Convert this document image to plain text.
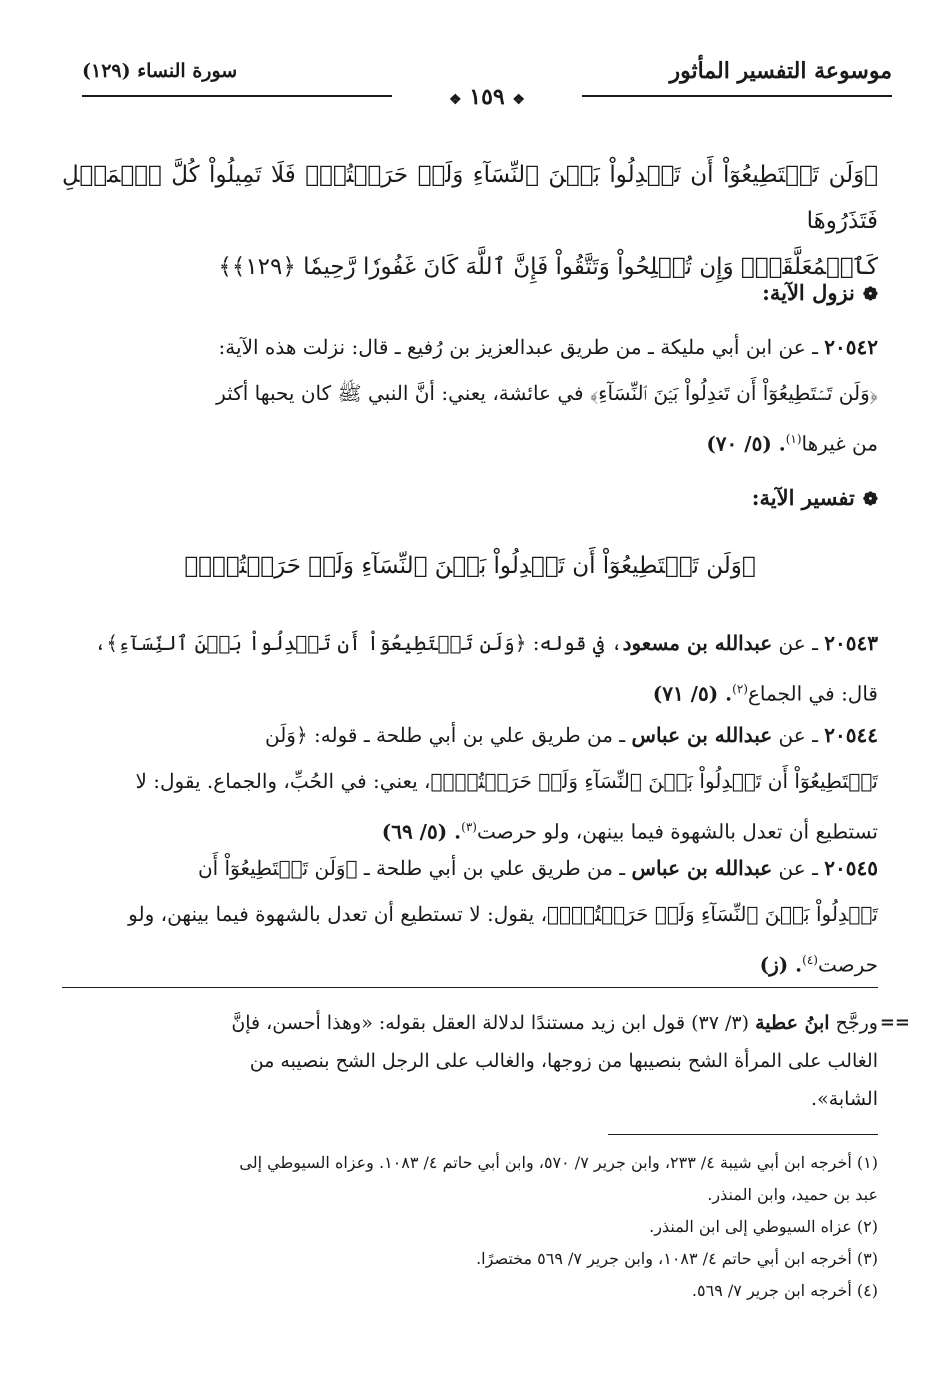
موسوعة التفسير المأثور
سورة النساء (١٢٩)
❖ ١٥٩ ❖
﴿وَلَن تَسۡتَطِيعُوٓاْ أَن تَعۡدِلُواْ بَيۡنَ ٱلنِّسَآءِ وَلَوۡ حَرَصۡتُمۡۖ فَلَا تَمِيلُواْ كُلَّ ٱلۡمَيۡلِ فَتَذَرُوهَا
كَٱلۡمُعَلَّقَةِۚ وَإِن تُصۡلِحُواْ وَتَتَّقُواْ فَإِنَّ ٱللَّهَ كَانَ غَفُورٗا رَّحِيمٗا ﴿١٢٩﴾﴾
❁نزول الآية:
٢٠٥٤٢ ـ عن ابن أبي مليكة ـ من طريق عبدالعزيز بن رُفيع ـ قال: نزلت هذه الآية:
﴿وَلَن تَسۡتَطِيعُوٓاْ أَن تَعۡدِلُواْ بَيۡنَ ٱلنِّسَآءِ﴾ في عائشة، يعني: أنَّ النبي ﷺ كان يحبها أكثر
من غيرها$^{(١)}$. (٥/ ٧٠)
❁تفسير الآية:
﴿وَلَن تَسۡتَطِيعُوٓاْ أَن تَعۡدِلُواْ بَيۡنَ ٱلنِّسَآءِ وَلَوۡ حَرَصۡتُمۡۖ﴾
٢٠٥٤٣ ـ عن عبدالله بن مسعود، في قوله: ﴿وَلَن تَسۡتَطِيعُوٓاْ أَن تَعۡدِلُواْ بَيۡنَ ٱلنِّسَآءِ﴾،
قال: في الجماع$^{(٢)}$. (٥/ ٧١)
٢٠٥٤٤ ـ عن عبدالله بن عباس ـ من طريق علي بن أبي طلحة ـ قوله: ﴿وَلَن
تَسۡتَطِيعُوٓاْ أَن تَعۡدِلُواْ بَيۡنَ ٱلنِّسَآءِ وَلَوۡ حَرَصۡتُمۡۖ﴾، يعني: في الحُبِّ، والجماع. يقول: لا
تستطيع أن تعدل بالشهوة فيما بينهن، ولو حرصت$^{(٣)}$. (٥/ ٦٩)
٢٠٥٤٥ ـ عن عبدالله بن عباس ـ من طريق علي بن أبي طلحة ـ ﴿وَلَن تَسۡتَطِيعُوٓاْ أَن
تَعۡدِلُواْ بَيۡنَ ٱلنِّسَآءِ وَلَوۡ حَرَصۡتُمۡۖ﴾، يقول: لا تستطيع أن تعدل بالشهوة فيما بينهن، ولو
حرصت$^{(٤)}$. (ز)
==
ورجَّح ابنُ عطية (٣/ ٣٧) قول ابن زيد مستندًا لدلالة العقل بقوله: «وهذا أحسن، فإنَّ
الغالب على المرأة الشح بنصيبها من زوجها، والغالب على الرجل الشح بنصيبه من
الشابة».
(١) أخرجه ابن أبي شيبة ٤/ ٢٣٣، وابن جرير ٧/ ٥٧٠، وابن أبي حاتم ٤/ ١٠٨٣. وعزاه السيوطي إلى
عبد بن حميد، وابن المنذر.
(٢) عزاه السيوطي إلى ابن المنذر.
(٣) أخرجه ابن أبي حاتم ٤/ ١٠٨٣، وابن جرير ٧/ ٥٦٩ مختصرًا.
(٤) أخرجه ابن جرير ٧/ ٥٦٩.
